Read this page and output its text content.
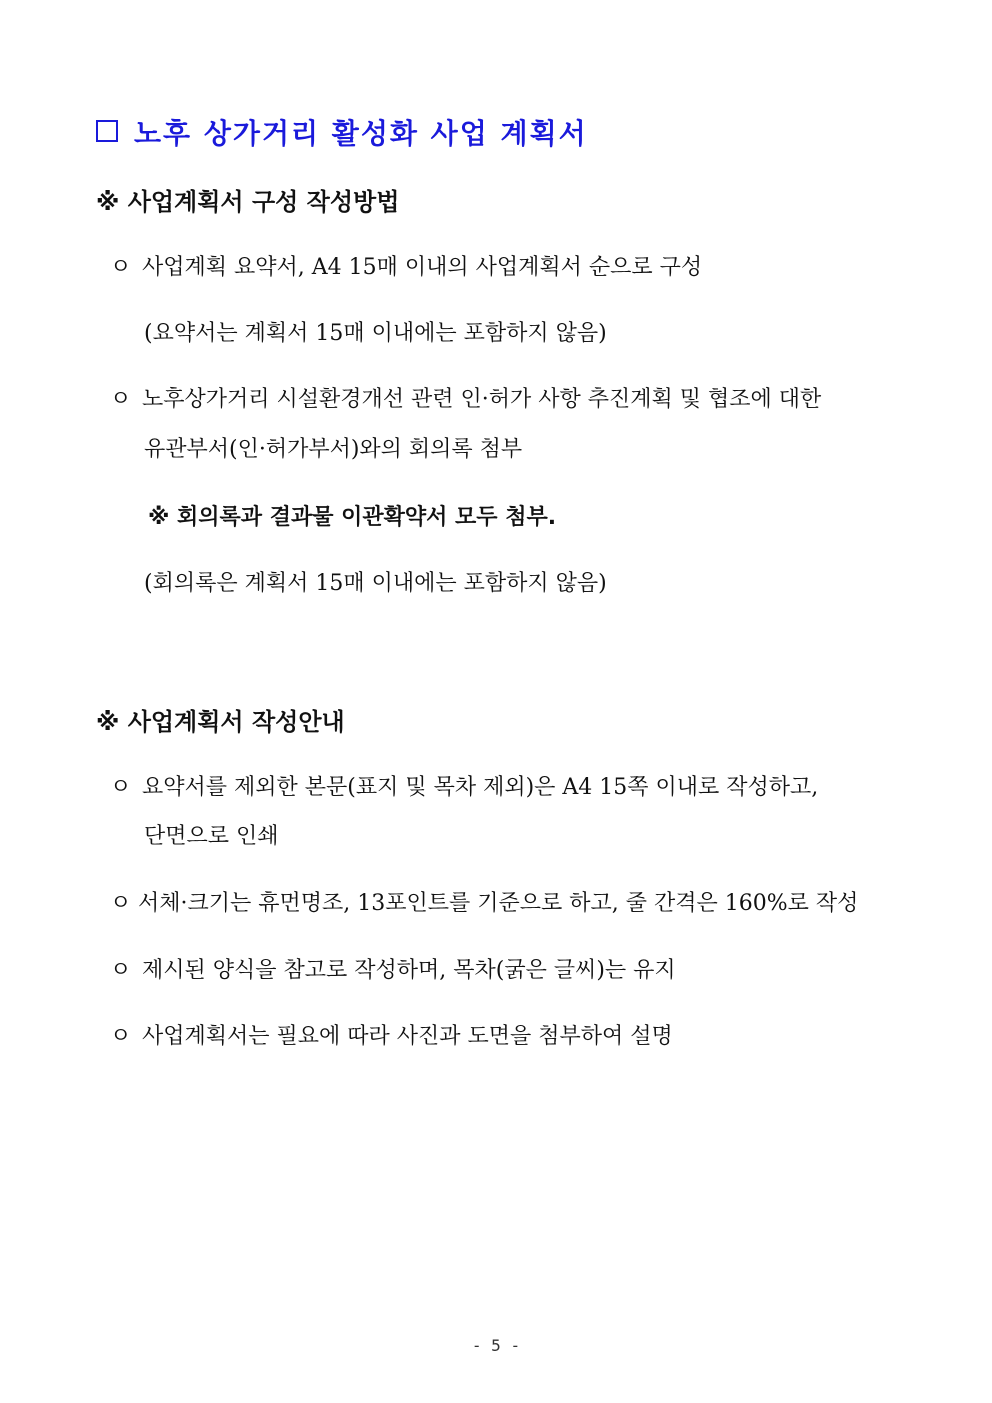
노후 상가거리 활성화 사업 계획서
※ 사업계획서 구성 작성방법
ㅇ 사업계획 요약서, A4 15매 이내의 사업계획서 순으로 구성
(요약서는 계획서 15매 이내에는 포함하지 않음)
ㅇ 노후상가거리 시설환경개선 관련 인·허가 사항 추진계획 및 협조에 대한
유관부서(인·허가부서)와의 회의록 첨부
※ 회의록과 결과물 이관확약서 모두 첨부.
(회의록은 계획서 15매 이내에는 포함하지 않음)
※ 사업계획서 작성안내
ㅇ 요약서를 제외한 본문(표지 및 목차 제외)은 A4 15쪽 이내로 작성하고,
단면으로 인쇄
ㅇ 서체·크기는 휴먼명조, 13포인트를 기준으로 하고, 줄 간격은 160%로 작성
ㅇ 제시된 양식을 참고로 작성하며, 목차(굵은 글씨)는 유지
ㅇ 사업계획서는 필요에 따라 사진과 도면을 첨부하여 설명
- 5 -
